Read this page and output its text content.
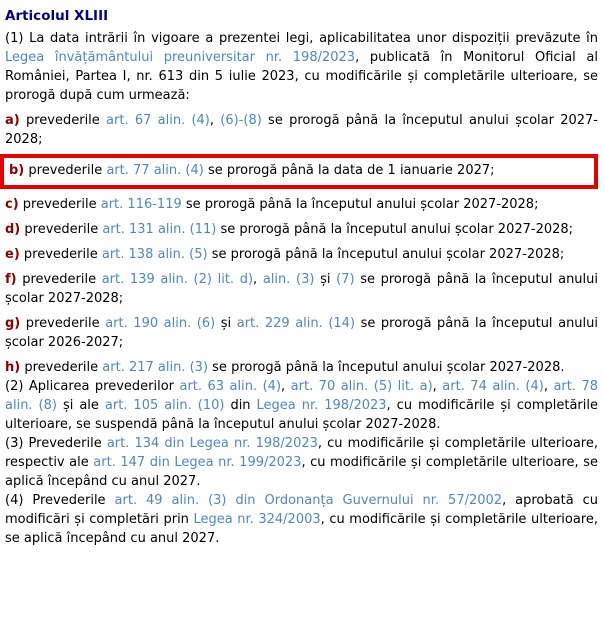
Articolul XLIII

(1) La data intrării în vigoare a prezentei legi, aplicabilitatea unor dispoziții prevăzute în Legea învățământului preuniversitar nr. 198/2023, publicată în Monitorul Oficial al României, Partea I, nr. 613 din 5 iulie 2023, cu modificările și completările ulterioare, se prorogă după cum urmează:

a) prevederile art. 67 alin. (4), (6)-(8) se prorogă până la începutul anului școlar 2027-2028;

b) prevederile art. 77 alin. (4) se prorogă până la data de 1 ianuarie 2027;

c) prevederile art. 116-119 se prorogă până la începutul anului școlar 2027-2028;

d) prevederile art. 131 alin. (11) se prorogă până la începutul anului școlar 2027-2028;

e) prevederile art. 138 alin. (5) se prorogă până la începutul anului școlar 2027-2028;

f) prevederile art. 139 alin. (2) lit. d), alin. (3) și (7) se prorogă până la începutul anului școlar 2027-2028;

g) prevederile art. 190 alin. (6) și art. 229 alin. (14) se prorogă până la începutul anului școlar 2026-2027;

h) prevederile art. 217 alin. (3) se prorogă până la începutul anului școlar 2027-2028.

(2) Aplicarea prevederilor art. 63 alin. (4), art. 70 alin. (5) lit. a), art. 74 alin. (4), art. 78 alin. (8) și ale art. 105 alin. (10) din Legea nr. 198/2023, cu modificările și completările ulterioare, se suspendă până la începutul anului școlar 2027-2028.

(3) Prevederile art. 134 din Legea nr. 198/2023, cu modificările și completările ulterioare, respectiv ale art. 147 din Legea nr. 199/2023, cu modificările și completările ulterioare, se aplică începând cu anul 2027.

(4) Prevederile art. 49 alin. (3) din Ordonanța Guvernului nr. 57/2002, aprobată cu modificări și completări prin Legea nr. 324/2003, cu modificările și completările ulterioare, se aplică începând cu anul 2027.
